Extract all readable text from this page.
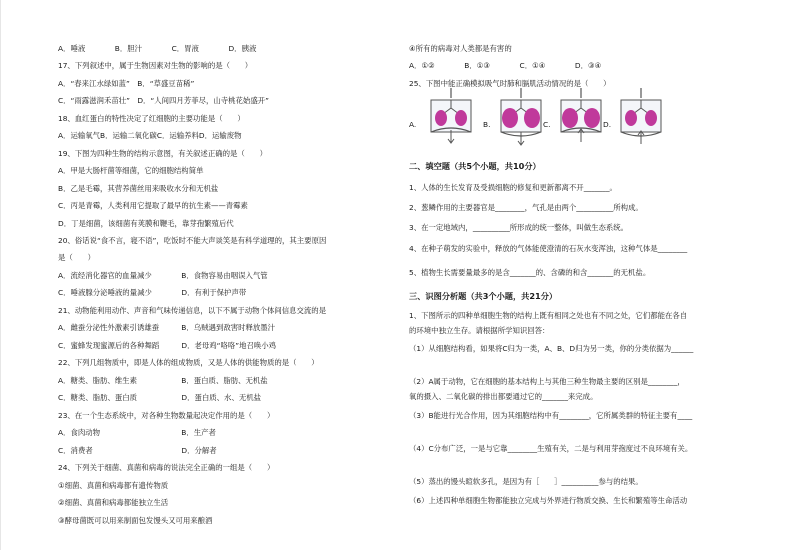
A．唾液　　　　B．胆汁　　　　C．胃液　　　　D．胰液
17、下列叙述中，属于生物因素对生物的影响的是（　　）
A．“春来江水绿如蓝”　B．“草盛豆苗稀”
C．“雨露滋润禾苗壮”　D．“人间四月芳菲尽，山寺桃花始盛开”
18、血红蛋白的特性决定了红细胞的主要功能是（　　）
A．运输氧气B．运输二氧化碳C．运输养料D．运输废物
19、下图为四种生物的结构示意图，有关叙述正确的是（　　）
A．甲是大肠杆菌等细菌，它的细胞结构简单
B．乙是毛霉，其营养菌丝用来吸收水分和无机盐
C．丙是青霉，人类利用它提取了最早的抗生素——青霉素
D．丁是细菌，该细菌有荚膜和鞭毛，靠芽孢繁殖后代
20、俗话说“食不言，寝不语”，吃饭时不能大声谈笑是有科学道理的，其主要原因
是（　　）
A．流经消化器官的血量减少　　　　B．食物容易由咽误入气管
C．唾液腺分泌唾液的量减少　　　　D．有利于保护声带
21、动物能利用动作、声音和气味传递信息，以下不属于动物个体间信息交流的是
A．雌蚕分泌性外激素引诱雄蚕　　　B．乌贼遇到敌害时释放墨汁
C．蜜蜂发现蜜源后的各种舞蹈　　　D．老母鸡“咯咯”地召唤小鸡
22、下列几组物质中，即是人体的组成物质，又是人体的供能物质的是（　　）
A．糖类、脂肪、维生素　　　　　　B．蛋白质、脂肪、无机盐
C．糖类、脂肪、蛋白质　　　　　　D．蛋白质、水、无机盐
23、在一个生态系统中，对各种生物数量起决定作用的是（　　）
A．食肉动物　　　　　　　　　　　B．生产者
C．消费者　　　　　　　　　　　　D．分解者
24、下列关于细菌、真菌和病毒的说法完全正确的一组是（　　）
①细菌、真菌和病毒都有遗传物质
②细菌、真菌和病毒都能独立生活
③酵母菌既可以用来制面包发馒头又可用来酿酒
④所有的病毒对人类都是有害的
A．①②　　　　B．①③　　　　C．①④　　　　D．③④
25、下图中能正确模拟吸气时肺和膈肌活动情况的是（　　）
A.	B.	C.	D.
二、填空题（共5个小题，共10分）
1、人体的生长发育及受损细胞的修复和更新都离不开_______。
2、葱鳞作用的主要器官是________，气孔是由两个__________所构成。
3、在一定地域内，__________所形成的统一整体，叫做生态系统。
4、在种子萌发的实验中，释放的气体能使澄清的石灰水变浑浊，这种气体是________
5、植物生长需要量最多的是含_______的、含磷的和含_______的无机盐。
三、识图分析题（共3个小题，共21分）
1、下图所示的四种单细胞生物的结构上既有相同之处也有不同之处，它们都能在各自
的环境中独立生存。请根据所学知识回答：
（1）从细胞结构看，如果将C归为一类，A、B、D归为另一类，你的分类依据为______
（2）A属于动物，它在细胞的基本结构上与其他三种生物最主要的区别是________，
氧的摄入、二氧化碳的排出都要通过它的_______来完成。
（3）B能进行光合作用，因为其细胞结构中有________，它所属类群的特征主要有____
（4）C分布广泛，一是与它靠________生殖有关，二是与利用芽孢度过不良环境有关。
（5）蒸出的馒头暄软多孔，是因为有［　　］__________参与的结果。
（6）上述四种单细胞生物都能独立完成与外界进行物质交换、生长和繁殖等生命活动
